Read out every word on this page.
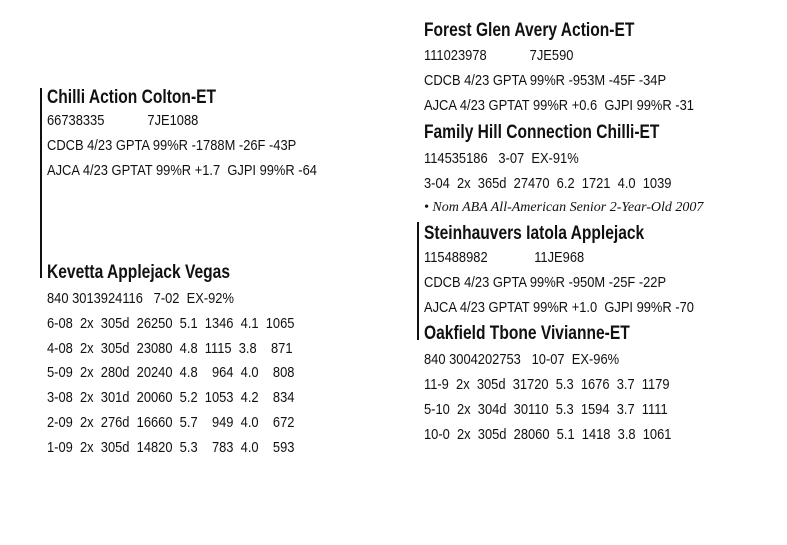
Chilli Action Colton-ET
66738335            7JE1088
CDCB 4/23 GPTA 99%R -1788M -26F -43P
AJCA 4/23 GPTAT 99%R +1.7  GJPI 99%R -64
Kevetta Applejack Vegas
840 3013924116   7-02  EX-92%
6-08  2x  305d  26250  5.1  1346  4.1  1065
4-08  2x  305d  23080  4.8  1115  3.8    871
5-09  2x  280d  20240  4.8    964  4.0    808
3-08  2x  301d  20060  5.2  1053  4.2    834
2-09  2x  276d  16660  5.7    949  4.0    672
1-09  2x  305d  14820  5.3    783  4.0    593
Forest Glen Avery Action-ET
111023978            7JE590
CDCB 4/23 GPTA 99%R -953M -45F -34P
AJCA 4/23 GPTAT 99%R +0.6  GJPI 99%R -31
Family Hill Connection Chilli-ET
114535186   3-07  EX-91%
3-04  2x  365d  27470  6.2  1721  4.0  1039
• Nom ABA All-American Senior 2-Year-Old 2007
Steinhauvers Iatola Applejack
115488982             11JE968
CDCB 4/23 GPTA 99%R -950M -25F -22P
AJCA 4/23 GPTAT 99%R +1.0  GJPI 99%R -70
Oakfield Tbone Vivianne-ET
840 3004202753   10-07  EX-96%
11-9  2x  305d  31720  5.3  1676  3.7  1179
5-10  2x  304d  30110  5.3  1594  3.7  1111
10-0  2x  305d  28060  5.1  1418  3.8  1061
